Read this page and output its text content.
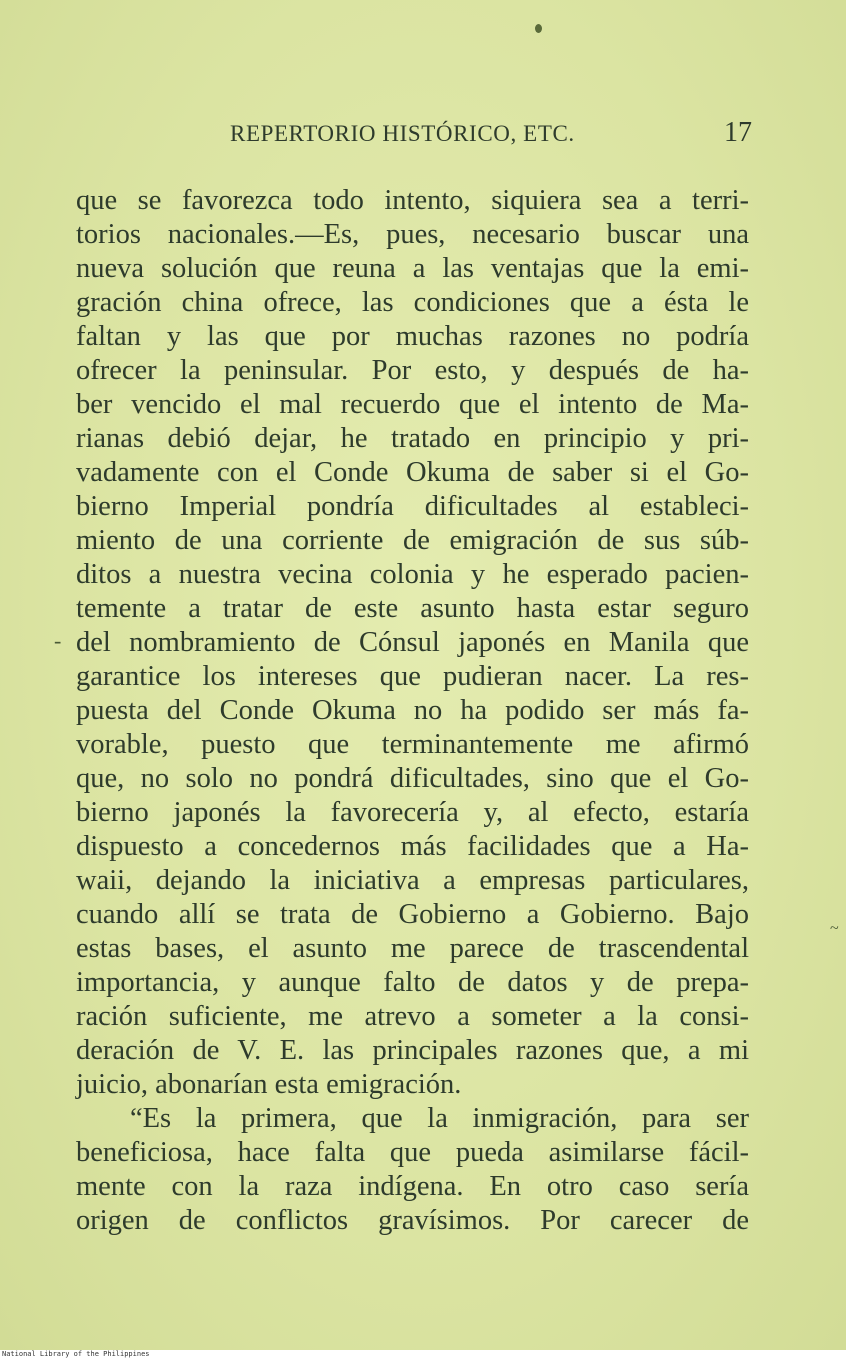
REPERTORIO HISTÓRICO, ETC.	17
-
~
que se favorezca todo intento, siquiera sea a terri-
torios nacionales.—Es, pues, necesario buscar una
nueva solución que reuna a las ventajas que la emi-
gración china ofrece, las condiciones que a ésta le
faltan y las que por muchas razones no podría
ofrecer la peninsular. Por esto, y después de ha-
ber vencido el mal recuerdo que el intento de Ma-
rianas debió dejar, he tratado en principio y pri-
vadamente con el Conde Okuma de saber si el Go-
bierno Imperial pondría dificultades al estableci-
miento de una corriente de emigración de sus súb-
ditos a nuestra vecina colonia y he esperado pacien-
temente a tratar de este asunto hasta estar seguro
del nombramiento de Cónsul japonés en Manila que
garantice los intereses que pudieran nacer. La res-
puesta del Conde Okuma no ha podido ser más fa-
vorable, puesto que terminantemente me afirmó
que, no solo no pondrá dificultades, sino que el Go-
bierno japonés la favorecería y, al efecto, estaría
dispuesto a concedernos más facilidades que a Ha-
waii, dejando la iniciativa a empresas particulares,
cuando allí se trata de Gobierno a Gobierno. Bajo
estas bases, el asunto me parece de trascendental
importancia, y aunque falto de datos y de prepa-
ración suficiente, me atrevo a someter a la consi-
deración de V. E. las principales razones que, a mi
juicio, abonarían esta emigración.
“Es la primera, que la inmigración, para ser
beneficiosa, hace falta que pueda asimilarse fácil-
mente con la raza indígena. En otro caso sería
origen de conflictos gravísimos. Por carecer de
National Library of the Philippines
